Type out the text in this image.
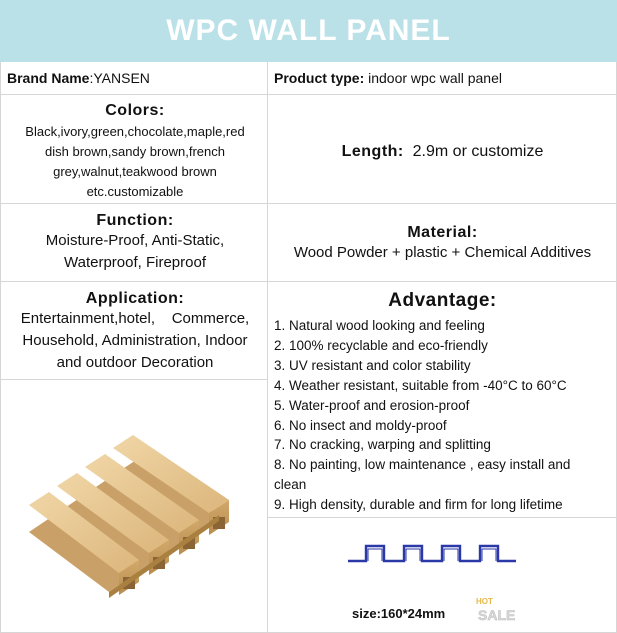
WPC WALL PANEL
Brand Name:YANSEN	Product type: indoor wpc wall panel
Colors:
Black,ivory,green,chocolate,maple,red
dish brown,sandy brown,french
grey,walnut,teakwood brown
etc.customizable
Length:  2.9m or customize
Function:
Moisture-Proof, Anti-Static,
Waterproof, Fireproof
Material:
Wood Powder + plastic + Chemical Additives
Application:
Entertainment,hotel,    Commerce,
Household, Administration, Indoor
and outdoor Decoration
Advantage:
1. Natural wood looking and feeling
2. 100% recyclable and eco-friendly
3. UV resistant and color stability
4. Weather resistant, suitable from -40°C to 60°C
5. Water-proof and erosion-proof
6. No insect and moldy-proof
7. No cracking, warping and splitting
8. No painting, low maintenance , easy install and
clean
9. High density, durable and firm for long lifetime
size:160*24mm
HOT
SALE
